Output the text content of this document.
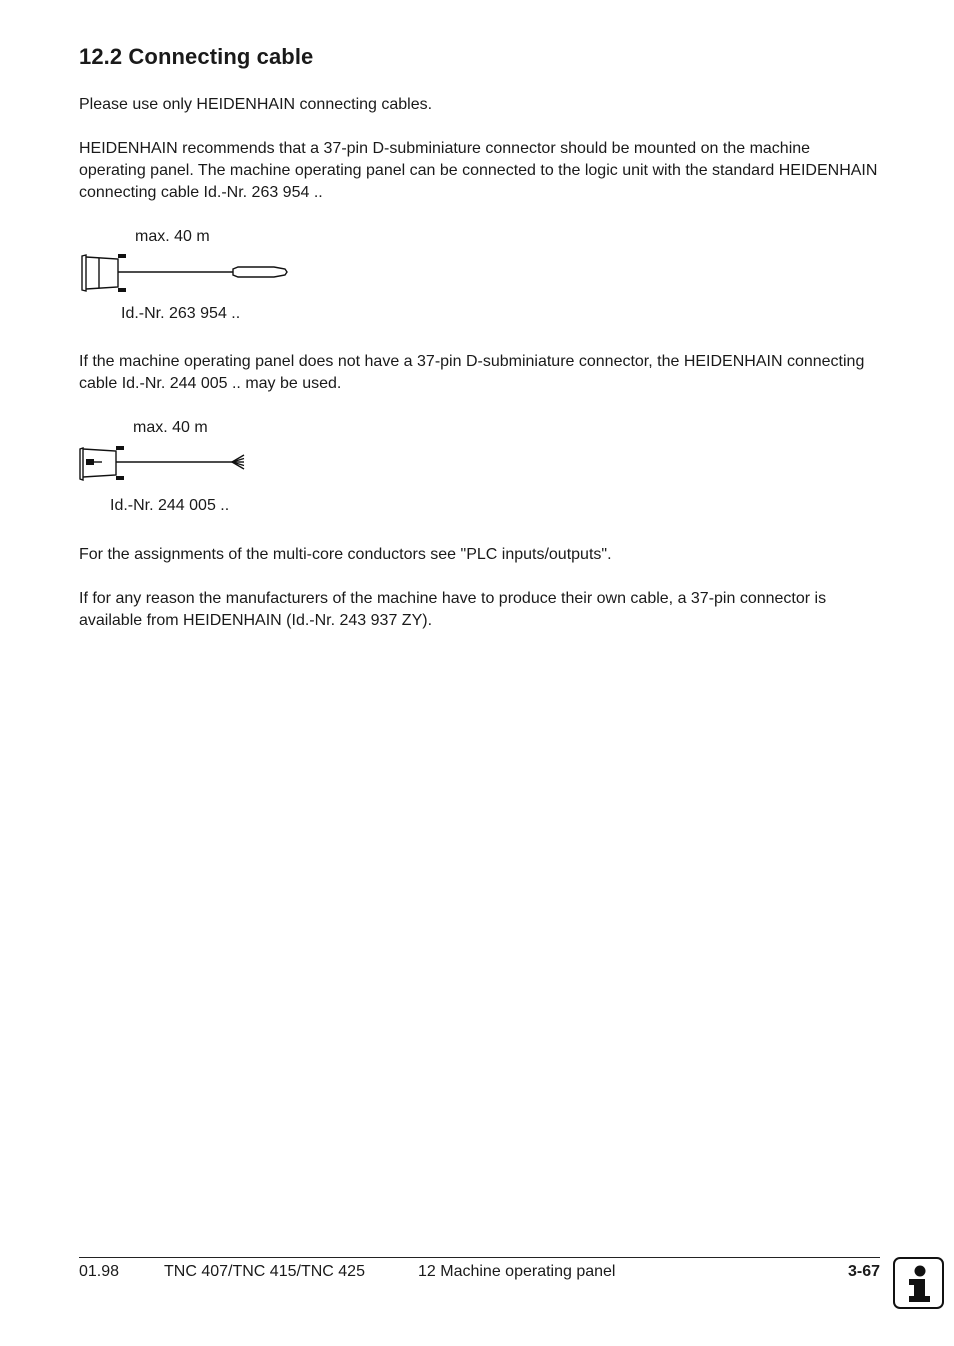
12.2 Connecting cable

Please use only HEIDENHAIN connecting cables.

HEIDENHAIN recommends that a 37-pin D-subminiature connector should be mounted on the machine operating panel. The machine operating panel can be connected to the logic unit with the standard HEIDENHAIN connecting cable Id.-Nr. 263 954 ..

max. 40 m
Id.-Nr. 263 954 ..

If the machine operating panel does not have a 37-pin D-subminiature connector, the HEIDENHAIN connecting cable Id.-Nr. 244 005 .. may be used.

max. 40 m
Id.-Nr. 244 005 ..

For the assignments of the multi-core conductors see "PLC inputs/outputs".

If for any reason the manufacturers of the machine have to produce their own cable, a 37-pin connector is available from HEIDENHAIN (Id.-Nr. 243 937 ZY).

01.98	TNC 407/TNC 415/TNC 425	12 Machine operating panel	3-67
